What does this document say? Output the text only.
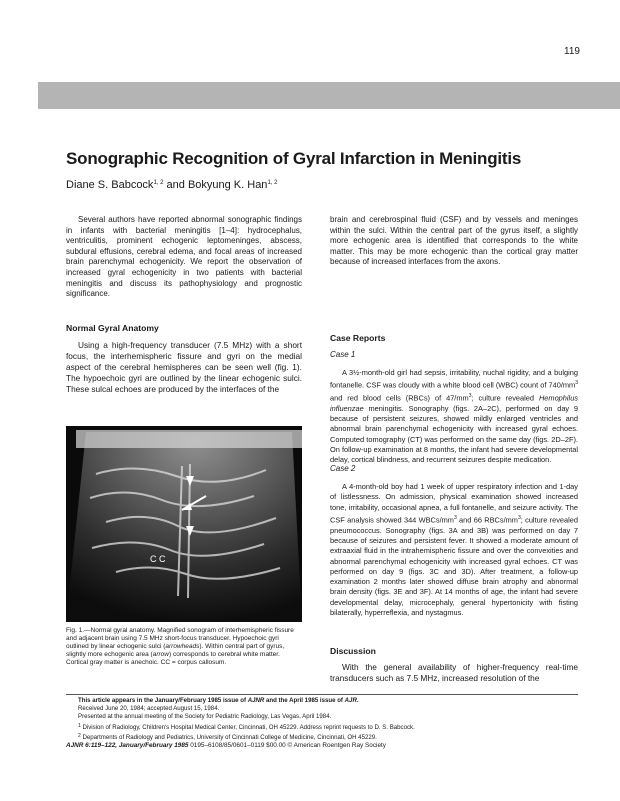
119
Sonographic Recognition of Gyral Infarction in Meningitis
Diane S. Babcock$^{1, 2}$ and Bokyung K. Han$^{1, 2}$

Several authors have reported abnormal sonographic findings in infants with bacterial meningitis [1–4]: hydrocephalus, ventriculitis, prominent echogenic leptomeninges, abscess, subdural effusions, cerebral edema, and focal areas of increased brain parenchymal echogenicity. We report the observation of increased gyral echogenicity in two patients with bacterial meningitis and discuss its pathophysiology and prognostic significance.

brain and cerebrospinal fluid (CSF) and by vessels and meninges within the sulci. Within the central part of the gyrus itself, a slightly more echogenic area is identified that corresponds to the white matter. This may be more echogenic than the cortical gray matter because of increased interfaces from the axons.

Normal Gyral Anatomy

Using a high-frequency transducer (7.5 MHz) with a short focus, the interhemispheric fissure and gyri on the medial aspect of the cerebral hemispheres can be seen well (fig. 1). The hypoechoic gyri are outlined by the linear echogenic sulci. These sulcal echoes are produced by the interfaces of the

C C

Fig. 1.—Normal gyral anatomy. Magnified sonogram of interhemispheric fissure and adjacent brain using 7.5 MHz short-focus transducer. Hypoechoic gyri outlined by linear echogenic sulci (arrowheads). Within central part of gyrus, slightly more echogenic area (arrow) corresponds to cerebral white matter. Cortical gray matter is anechoic. CC = corpus callosum.

Case Reports
Case 1

A 3½-month-old girl had sepsis, irritability, nuchal rigidity, and a bulging fontanelle. CSF was cloudy with a white blood cell (WBC) count of $740/mm^3$ and red blood cells (RBCs) of $47/mm^3$; culture revealed Hemophilus influenzae meningitis. Sonography (figs. 2A–2C), performed on day 9 because of persistent seizures, showed mildly enlarged ventricles and abnormal brain parenchymal echogenicity with increased gyral echoes. Computed tomography (CT) was performed on the same day (figs. 2D–2F). On follow-up examination at 8 months, the infant had severe developmental delay, cortical blindness, and recurrent seizures despite medication.

Case 2

A 4-month-old boy had 1 week of upper respiratory infection and 1-day of listlessness. On admission, physical examination showed increased tone, irritability, occasional apnea, a full fontanelle, and seizure activity. The CSF analysis showed 344 WBCs/$mm^3$ and 66 RBCs/$mm^3$; culture revealed pneumococcus. Sonography (figs. 3A and 3B) was performed on day 7 because of seizures and persistent fever. It showed a moderate amount of extraaxial fluid in the intrahemispheric fissure and over the convexities and abnormal parenchymal echogenicity with increased gyral echoes. CT was performed on day 9 (figs. 3C and 3D). After treatment, a follow-up examination 2 months later showed diffuse brain atrophy and abnormal brain density (figs. 3E and 3F). At 14 months of age, the infant had severe developmental delay, microcephaly, general hypertonicity with fisting bilaterally, hyperreflexia, and nystagmus.

Discussion

With the general availability of higher-frequency real-time transducers such as 7.5 MHz, increased resolution of the

This article appears in the January/February 1985 issue of AJNR and the April 1985 issue of AJR.
Received June 20, 1984; accepted August 15, 1984.
Presented at the annual meeting of the Society for Pediatric Radiology, Las Vegas, April 1984.
$^1$ Division of Radiology, Children's Hospital Medical Center, Cincinnati, OH 45229. Address reprint requests to D. S. Babcock.
$^2$ Departments of Radiology and Pediatrics, University of Cincinnati College of Medicine, Cincinnati, OH 45229.
AJNR 6:119–122, January/February 1985 0195–6108/85/0601–0119 $00.00 © American Roentgen Ray Society
